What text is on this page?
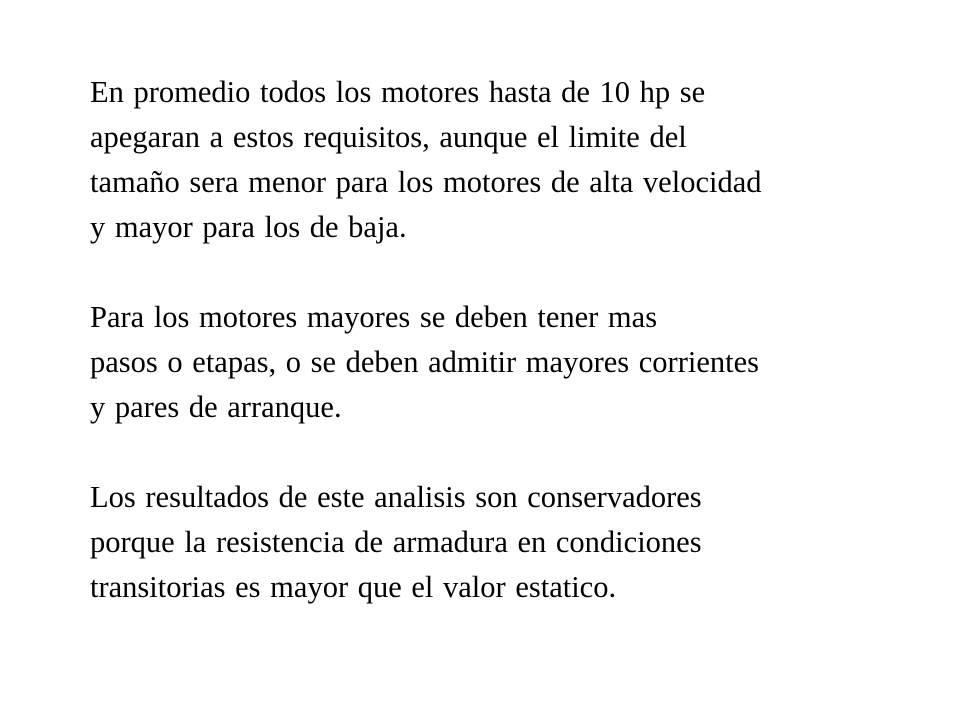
En promedio todos los motores hasta de 10 hp se
apegaran a estos requisitos, aunque el limite del
tamaño sera menor para los motores de alta velocidad
y mayor para los de baja.

Para los motores mayores se deben tener mas
pasos o etapas, o se deben admitir mayores corrientes
y pares de arranque.

Los resultados de este analisis son conservadores
porque la resistencia de armadura en condiciones
transitorias es mayor que el valor estatico.
